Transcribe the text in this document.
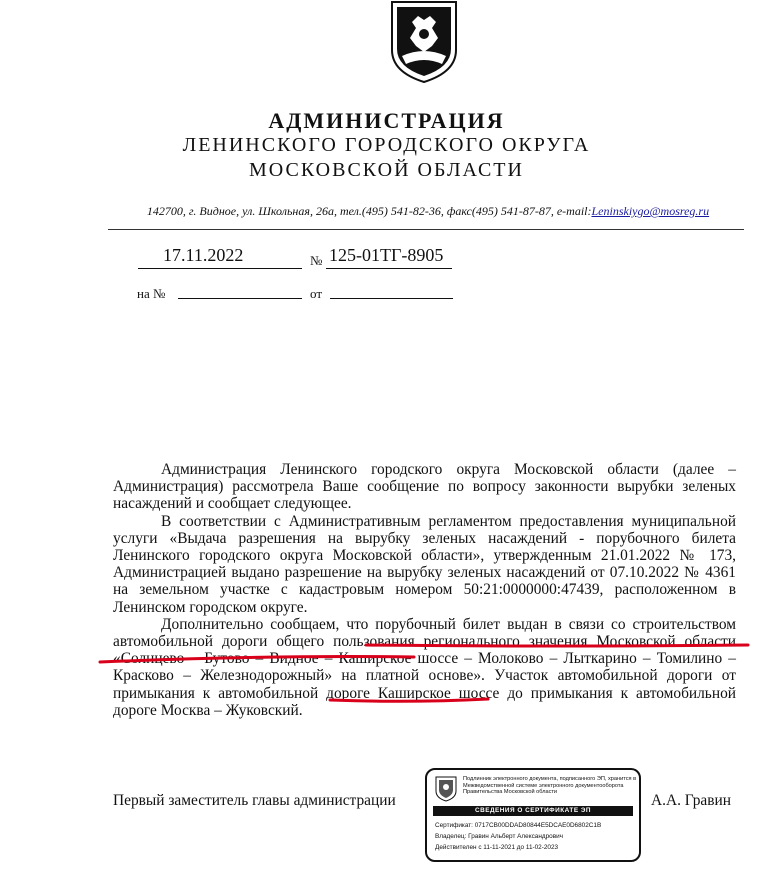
АДМИНИСТРАЦИЯ
ЛЕНИНСКОГО ГОРОДСКОГО ОКРУГА
МОСКОВСКОЙ ОБЛАСТИ
142700, г. Видное, ул. Школьная, 26а, тел.(495) 541-82-36, факс(495) 541-87-87, e-mail:Leninskiygo@mosreg.ru
17.11.2022	№ 125-01ТГ-8905
на №	от

Администрация Ленинского городского округа Московской области (далее – Администрация) рассмотрела Ваше сообщение по вопросу законности вырубки зеленых насаждений и сообщает следующее.

В соответствии с Административным регламентом предоставления муниципальной услуги «Выдача разрешения на вырубку зеленых насаждений - порубочного билета Ленинского городского округа Московской области», утвержденным 21.01.2022 № 173, Администрацией выдано разрешение на вырубку зеленых насаждений от 07.10.2022 № 4361 на земельном участке с кадастровым номером 50:21:0000000:47439, расположенном в Ленинском городском округе.

Дополнительно сообщаем, что порубочный билет выдан в связи со строительством автомобильной дороги общего пользования регионального значения Московской области «Солнцево – Бутово – Видное – Каширское шоссе – Молоково – Лыткарино – Томилино – Красково – Железнодорожный» на платной основе». Участок автомобильной дороги от примыкания к автомобильной дороге Каширское шоссе до примыкания к автомобильной дороге Москва – Жуковский.

Первый заместитель главы администрации	А.А. Гравин
Подлинник электронного документа, подписанного ЭП, хранится в Межведомственной системе электронного документооборота Правительства Московской области
СВЕДЕНИЯ О СЕРТИФИКАТЕ ЭП
Сертификат: 0717CB00DDAD80844E5DCAE0D6802C1B
Владелец: Гравин Альберт Александрович
Действителен с 11-11-2021 до 11-02-2023
